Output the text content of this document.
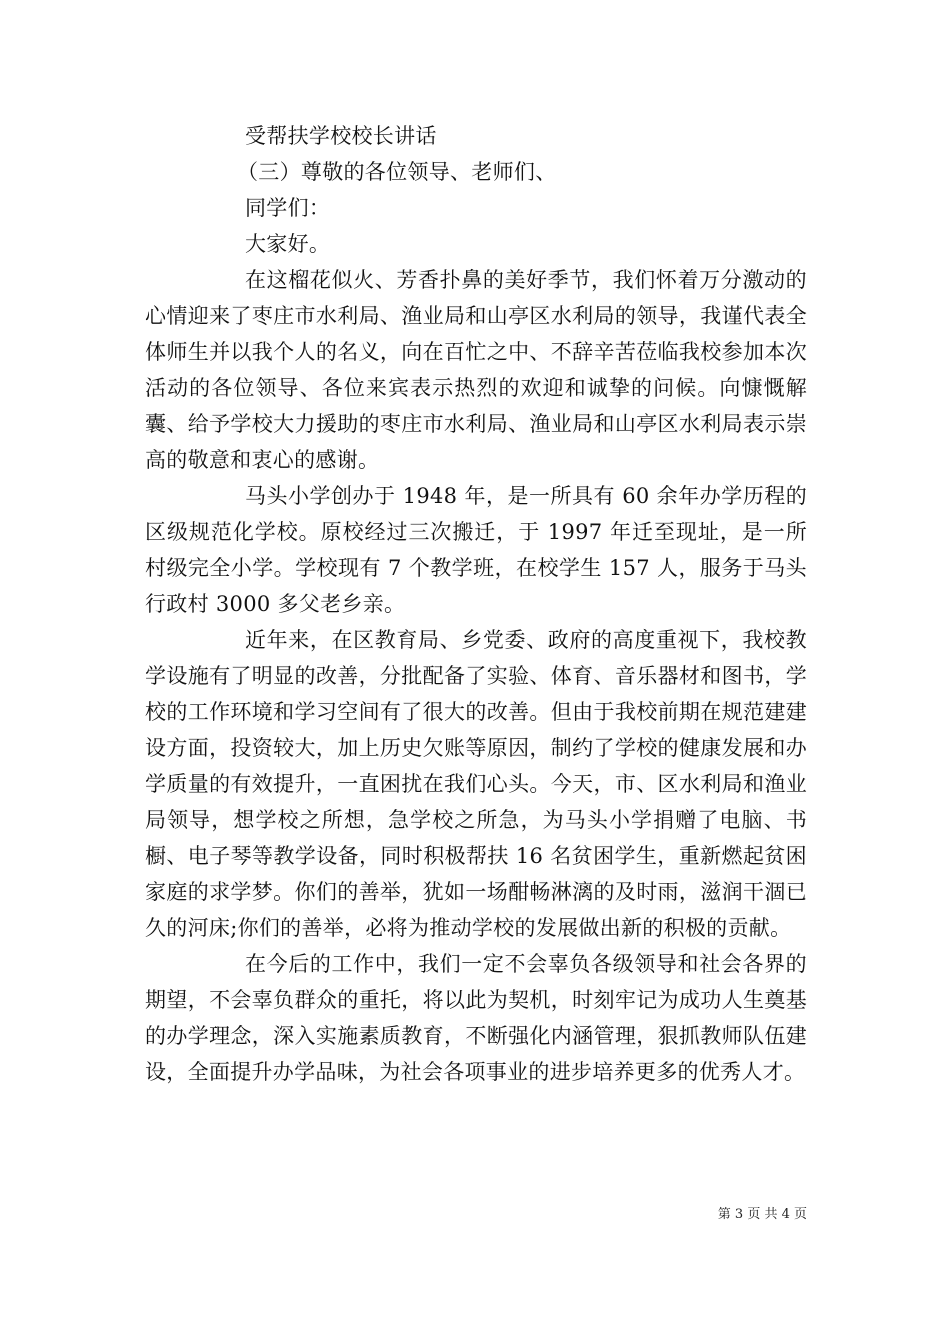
受帮扶学校校长讲话
（三）尊敬的各位领导、老师们、
同学们：
大家好。

在这榴花似火、芳香扑鼻的美好季节，我们怀着万分激动的心情迎来了枣庄市水利局、渔业局和山亭区水利局的领导，我谨代表全体师生并以我个人的名义，向在百忙之中、不辞辛苦莅临我校参加本次活动的各位领导、各位来宾表示热烈的欢迎和诚挚的问候。向慷慨解囊、给予学校大力援助的枣庄市水利局、渔业局和山亭区水利局表示崇高的敬意和衷心的感谢。

马头小学创办于 1948 年，是一所具有 60 余年办学历程的区级规范化学校。原校经过三次搬迁，于 1997 年迁至现址，是一所村级完全小学。学校现有 7 个教学班，在校学生 157 人，服务于马头行政村 3000 多父老乡亲。

近年来，在区教育局、乡党委、政府的高度重视下，我校教学设施有了明显的改善，分批配备了实验、体育、音乐器材和图书，学校的工作环境和学习空间有了很大的改善。但由于我校前期在规范建建设方面，投资较大，加上历史欠账等原因，制约了学校的健康发展和办学质量的有效提升，一直困扰在我们心头。今天，市、区水利局和渔业局领导，想学校之所想，急学校之所急，为马头小学捐赠了电脑、书橱、电子琴等教学设备，同时积极帮扶 16 名贫困学生，重新燃起贫困家庭的求学梦。你们的善举，犹如一场酣畅淋漓的及时雨，滋润干涸已久的河床;你们的善举，必将为推动学校的发展做出新的积极的贡献。

在今后的工作中，我们一定不会辜负各级领导和社会各界的期望，不会辜负群众的重托，将以此为契机，时刻牢记为成功人生奠基的办学理念，深入实施素质教育，不断强化内涵管理，狠抓教师队伍建设，全面提升办学品味，为社会各项事业的进步培养更多的优秀人才。

第 3 页 共 4 页
